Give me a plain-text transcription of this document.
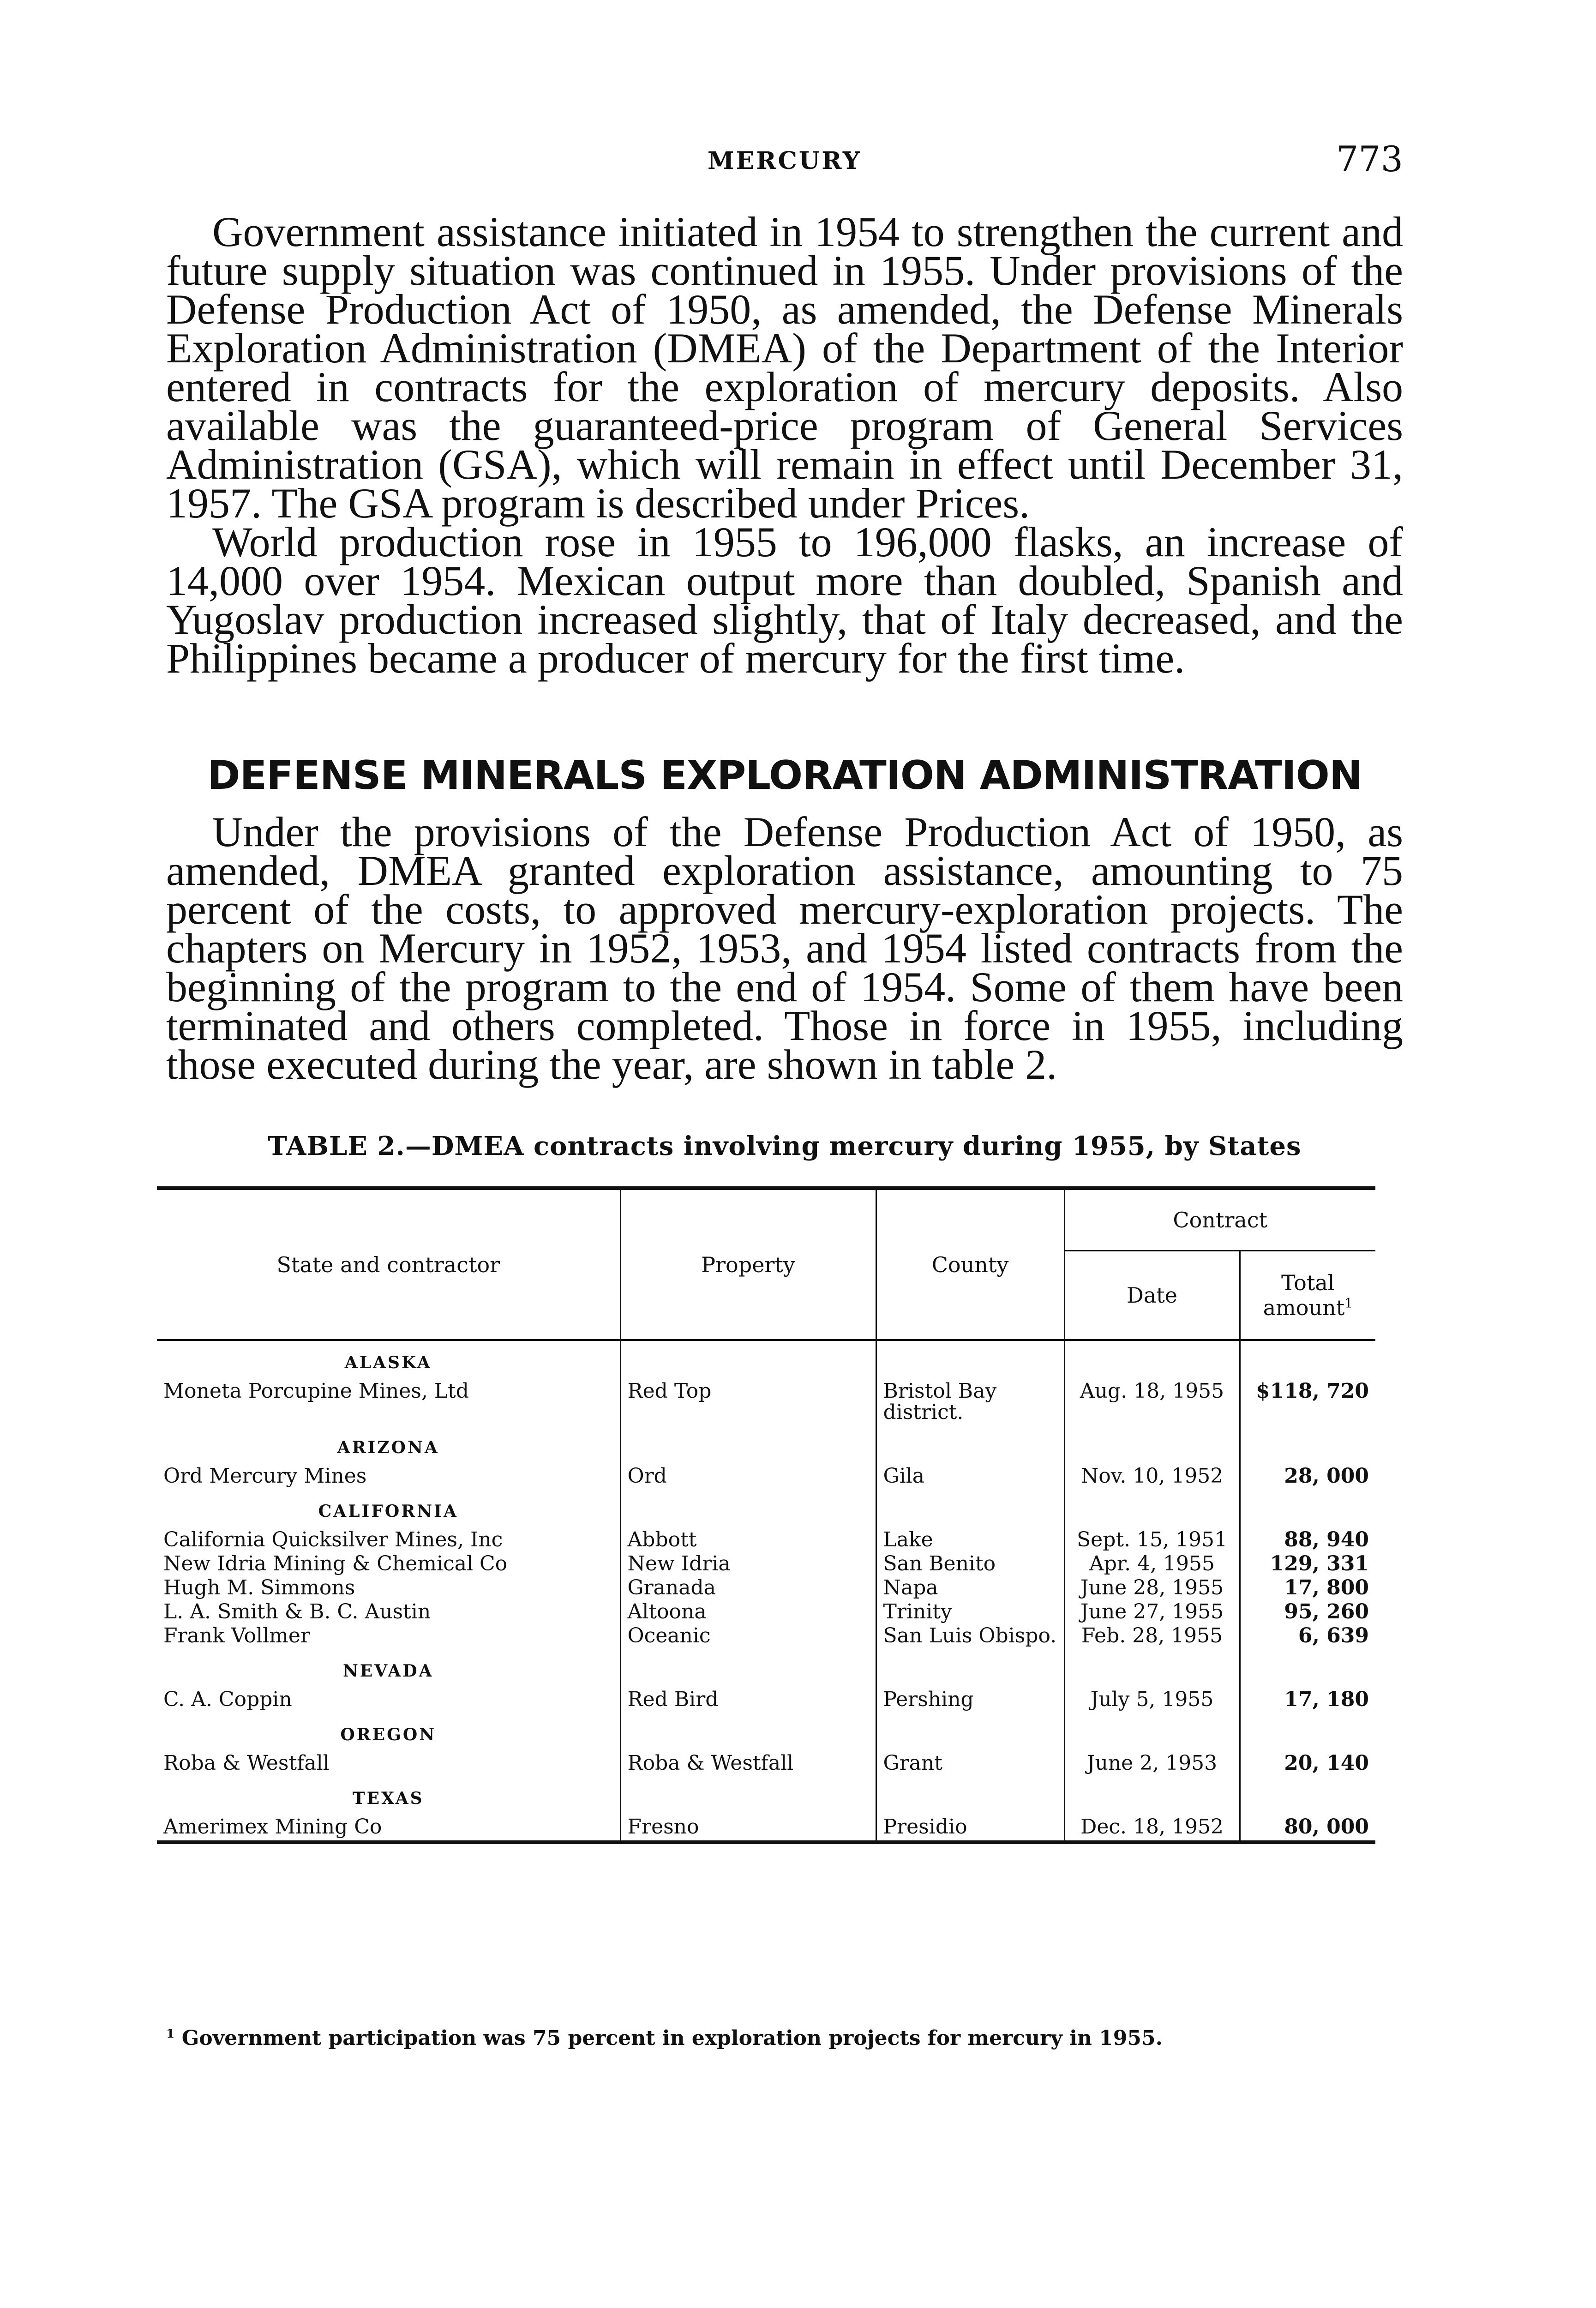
MERCURY	773

Government assistance initiated in 1954 to strengthen the current and future supply situation was continued in 1955. Under provisions of the Defense Production Act of 1950, as amended, the Defense Minerals Exploration Administration (DMEA) of the Department of the Interior entered in contracts for the exploration of mercury deposits. Also available was the guaranteed-price program of General Services Administration (GSA), which will remain in effect until December 31, 1957. The GSA program is described under Prices.

World production rose in 1955 to 196,000 flasks, an increase of 14,000 over 1954. Mexican output more than doubled, Spanish and Yugoslav production increased slightly, that of Italy decreased, and the Philippines became a producer of mercury for the first time.

DEFENSE MINERALS EXPLORATION ADMINISTRATION

Under the provisions of the Defense Production Act of 1950, as amended, DMEA granted exploration assistance, amounting to 75 percent of the costs, to approved mercury-exploration projects. The chapters on Mercury in 1952, 1953, and 1954 listed contracts from the beginning of the program to the end of 1954. Some of them have been terminated and others completed. Those in force in 1955, including those executed during the year, are shown in table 2.

TABLE 2.—DMEA contracts involving mercury during 1955, by States
State and contractor	Property	County	Contract	
			Date	Total amount$^1$

ALASKA				

Moneta Porcupine Mines, Ltd	Red Top	Bristol Bay district.	Aug. 18, 1955	$118, 720

ARIZONA				

Ord Mercury Mines	Ord	Gila	Nov. 10, 1952	28, 000

CALIFORNIA				

California Quicksilver Mines, Inc	Abbott	Lake	Sept. 15, 1951	88, 940
New Idria Mining & Chemical Co	New Idria	San Benito	Apr. 4, 1955	129, 331
Hugh M. Simmons	Granada	Napa	June 28, 1955	17, 800
L. A. Smith & B. C. Austin	Altoona	Trinity	June 27, 1955	95, 260
Frank Vollmer	Oceanic	San Luis Obispo.	Feb. 28, 1955	6, 639

NEVADA				

C. A. Coppin	Red Bird	Pershing	July 5, 1955	17, 180

OREGON				

Roba & Westfall	Roba & Westfall	Grant	June 2, 1953	20, 140

TEXAS				

Amerimex Mining Co	Fresno	Presidio	Dec. 18, 1952	80, 000
$^1$ Government participation was 75 percent in exploration projects for mercury in 1955.
